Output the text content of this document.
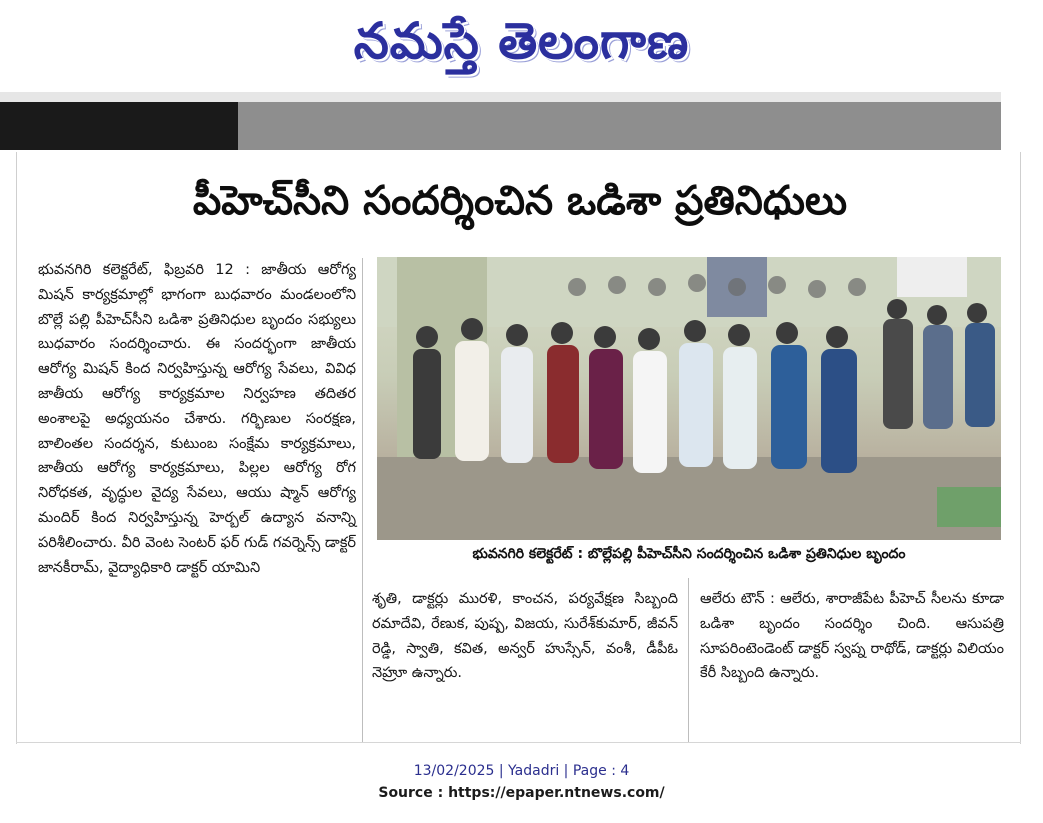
నమస్తే తెలంగాణ
పీహెచ్‌సీని సందర్శించిన ఒడిశా ప్రతినిధులు

భువనగిరి కలెక్టరేట్, ఫిబ్రవరి 12 : జాతీయ ఆరోగ్య మిషన్ కార్యక్రమాల్లో భాగంగా బుధవారం మండలంలోని బొల్లే పల్లి పీహెచ్‌సీని ఒడిశా ప్రతినిధుల బృందం సభ్యులు బుధవారం సందర్శించారు. ఈ సందర్భంగా జాతీయ ఆరోగ్య మిషన్ కింద నిర్వహిస్తున్న ఆరోగ్య సేవలు, వివిధ జాతీయ ఆరోగ్య కార్యక్రమాల నిర్వహణ తదితర అంశాలపై అధ్యయనం చేశారు. గర్భిణుల సంరక్షణ, బాలింతల సందర్శన, కుటుంబ సంక్షేమ కార్యక్రమాలు, జాతీయ ఆరోగ్య కార్యక్రమాలు, పిల్లల ఆరోగ్య రోగ నిరోధకత, వృద్ధుల వైద్య సేవలు, ఆయు ష్మాన్ ఆరోగ్య మందిర్ కింద నిర్వహిస్తున్న హెర్బల్ ఉద్యాన వనాన్ని పరిశీలించారు. వీరి వెంట సెంటర్ ఫర్ గుడ్ గవర్నెన్స్ డాక్టర్ జానకీరామ్, వైద్యాధికారి డాక్టర్ యామిని

భువనగిరి కలెక్టరేట్ : బొల్లేపల్లి పీహెచ్‌సీని సందర్శించిన ఒడిశా ప్రతినిధుల బృందం

శృతి, డాక్టర్లు మురళి, కాంచన, పర్యవేక్షణ సిబ్బంది రమాదేవి, రేణుక, పుష్ప, విజయ, సురేశ్‌కుమార్, జీవన్ రెడ్డి, స్వాతి, కవిత, అన్వర్ హుస్సేన్, వంశీ, డీపీఓ నెహ్రూ ఉన్నారు.

ఆలేరు టౌన్ : ఆలేరు, శారాజీపేట పీహెచ్ సీలను కూడా ఒడిశా బృందం సందర్శిం చింది. ఆసుపత్రి సూపరింటెండెంట్ డాక్టర్ స్వప్న రాథోడ్, డాక్టర్లు విలియం కేరీ సిబ్బంది ఉన్నారు.

13/02/2025 | Yadadri | Page : 4
Source : https://epaper.ntnews.com/
